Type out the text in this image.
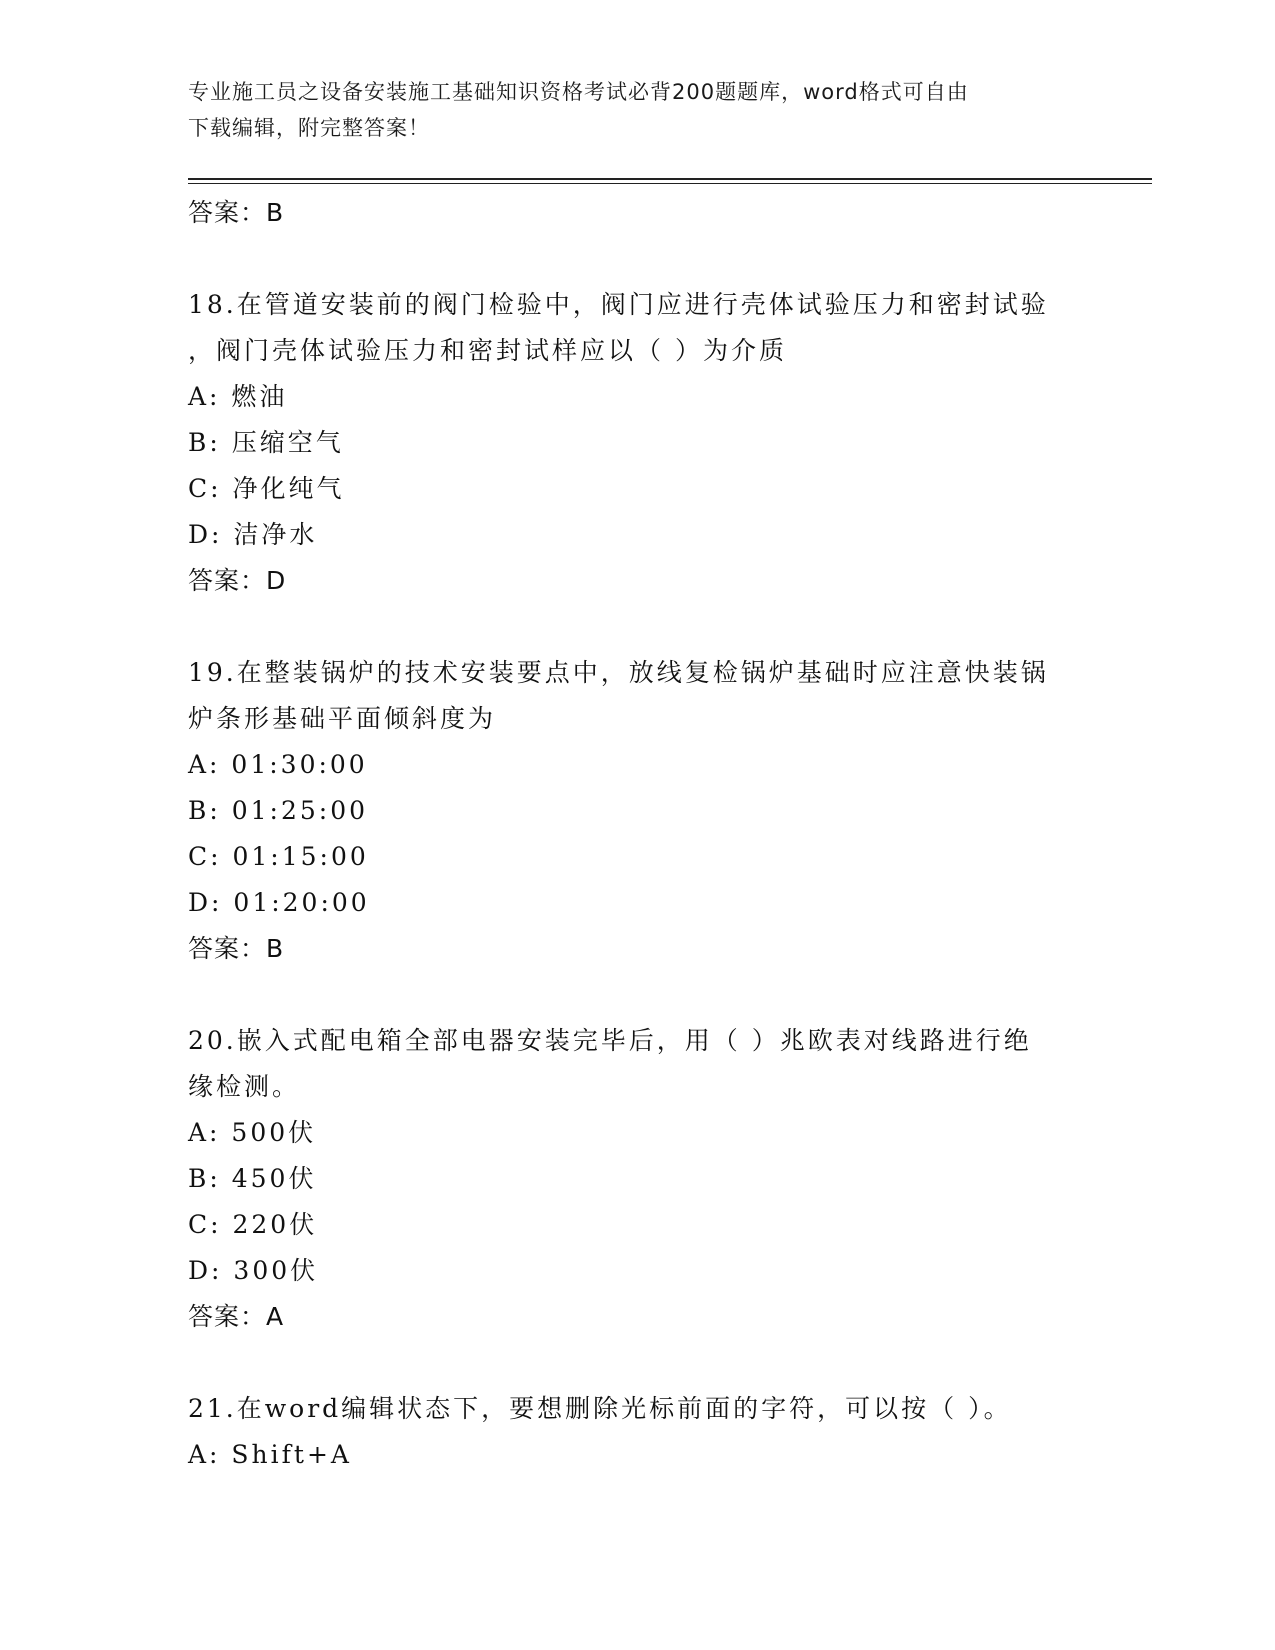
专业施工员之设备安装施工基础知识资格考试必背200题题库，word格式可自由
下载编辑，附完整答案！
答案：B
18.在管道安装前的阀门检验中，阀门应进行壳体试验压力和密封试验
，阀门壳体试验压力和密封试样应以（ ）为介质
A: 燃油
B: 压缩空气
C: 净化纯气
D: 洁净水
答案：D
19.在整装锅炉的技术安装要点中，放线复检锅炉基础时应注意快装锅
炉条形基础平面倾斜度为
A: 01:30:00
B: 01:25:00
C: 01:15:00
D: 01:20:00
答案：B
20.嵌入式配电箱全部电器安装完毕后，用（ ）兆欧表对线路进行绝
缘检测。
A: 500伏
B: 450伏
C: 220伏
D: 300伏
答案：A
21.在word编辑状态下，要想删除光标前面的字符，可以按（ ）。
A: Shift+A
